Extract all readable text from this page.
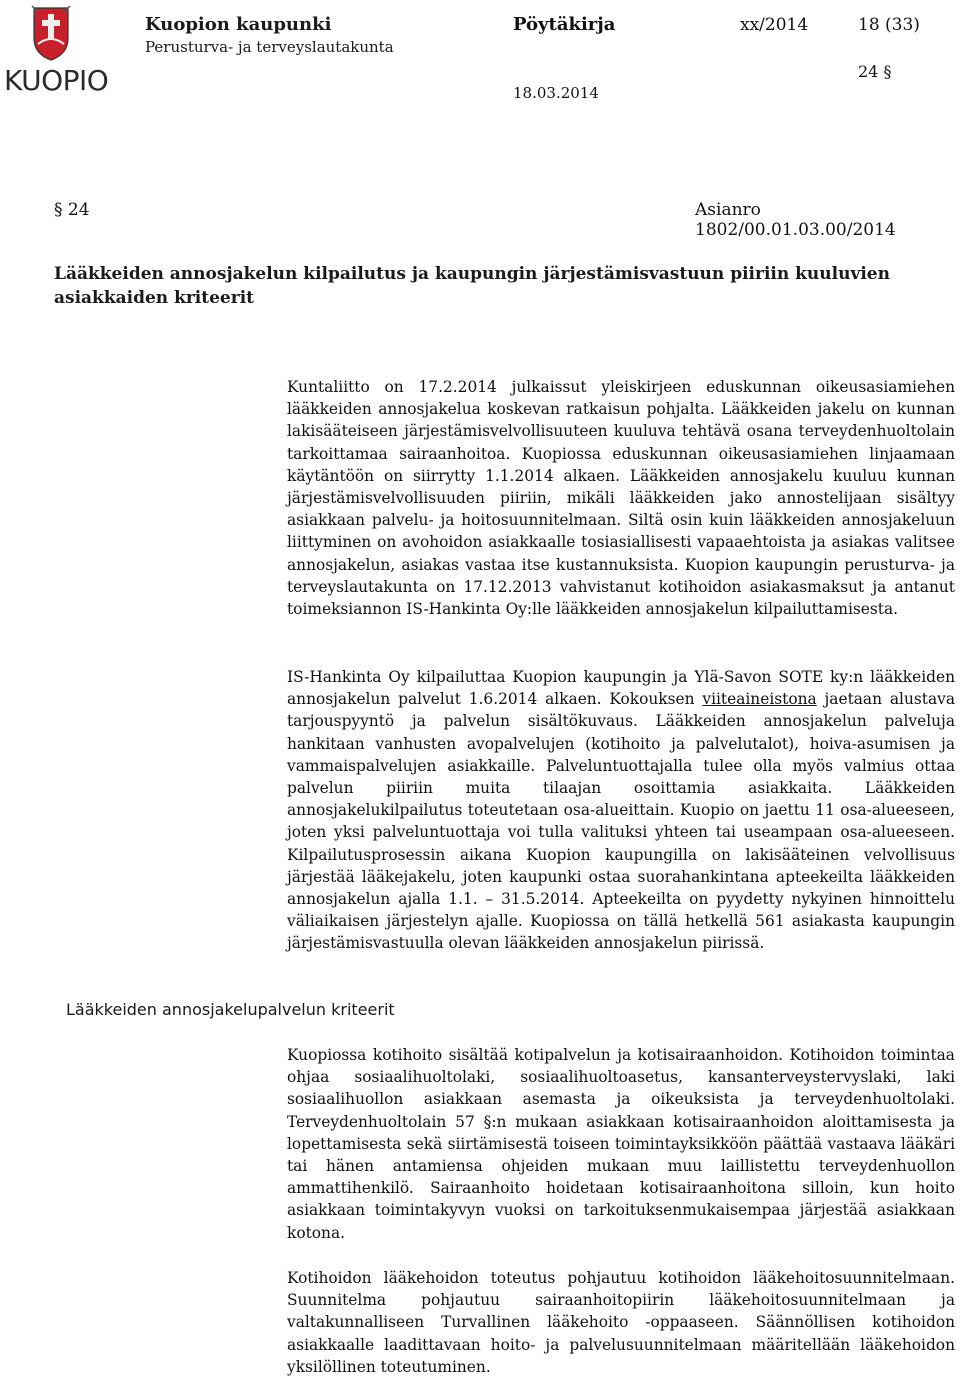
KUOPIO
Kuopion kaupunki
Perusturva- ja terveyslautakunta
Pöytäkirja	xx/2014	18 (33)
24 §
18.03.2014
§ 24	Asianro 1802/00.01.03.00/2014
Lääkkeiden annosjakelun kilpailutus ja kaupungin järjestämisvastuun piiriin kuuluvien asiakkaiden kriteerit

Kuntaliitto on 17.2.2014 julkaissut yleiskirjeen eduskunnan oikeusasiamiehen lääkkeiden annosjakelua koskevan ratkaisun pohjalta. Lääkkeiden jakelu on kunnan lakisääteiseen järjestämisvelvollisuuteen kuuluva tehtävä osana terveydenhuoltolain tarkoittamaa sairaanhoitoa. Kuopiossa eduskunnan oikeusasiamiehen linjaamaan käytäntöön on siirrytty 1.1.2014 alkaen. Lääkkeiden annosjakelu kuuluu kunnan järjestämisvelvollisuuden piiriin, mikäli lääkkeiden jako annostelijaan sisältyy asiakkaan palvelu- ja hoitosuunnitelmaan. Siltä osin kuin lääkkeiden annosjakeluun liittyminen on avohoidon asiakkaalle tosiasiallisesti vapaaehtoista ja asiakas valitsee annosjakelun, asiakas vastaa itse kustannuksista. Kuopion kaupungin perusturva- ja terveyslautakunta on 17.12.2013 vahvistanut kotihoidon asiakasmaksut ja antanut toimeksiannon IS-Hankinta Oy:lle lääkkeiden annosjakelun kilpailuttamisesta.

IS-Hankinta Oy kilpailuttaa Kuopion kaupungin ja Ylä-Savon SOTE ky:n lääkkeiden annosjakelun palvelut 1.6.2014 alkaen. Kokouksen viiteaineistona jaetaan alustava tarjouspyyntö ja palvelun sisältökuvaus. Lääkkeiden annosjakelun palveluja hankitaan vanhusten avopalvelujen (kotihoito ja palvelutalot), hoiva-asumisen ja vammaispalvelujen asiakkaille. Palveluntuottajalla tulee olla myös valmius ottaa palvelun piiriin muita tilaajan osoittamia asiakkaita. Lääkkeiden annosjakelukilpailutus toteutetaan osa-alueittain. Kuopio on jaettu 11 osa-alueeseen, joten yksi palveluntuottaja voi tulla valituksi yhteen tai useampaan osa-alueeseen. Kilpailutusprosessin aikana Kuopion kaupungilla on lakisääteinen velvollisuus järjestää lääkejakelu, joten kaupunki ostaa suorahankintana apteekeilta lääkkeiden annosjakelun ajalla 1.1. – 31.5.2014. Apteekeilta on pyydetty nykyinen hinnoittelu väliaikaisen järjestelyn ajalle. Kuopiossa on tällä hetkellä 561 asiakasta kaupungin järjestämisvastuulla olevan lääkkeiden annosjakelun piirissä.

Lääkkeiden annosjakelupalvelun kriteerit

Kuopiossa kotihoito sisältää kotipalvelun ja kotisairaanhoidon. Kotihoidon toimintaa ohjaa sosiaalihuoltolaki, sosiaalihuoltoasetus, kansanterveystervyslaki, laki sosiaalihuollon asiakkaan asemasta ja oikeuksista ja terveydenhuoltolaki. Terveydenhuoltolain 57 §:n mukaan asiakkaan kotisairaanhoidon aloittamisesta ja lopettamisesta sekä siirtämisestä toiseen toimintayksikköön päättää vastaava lääkäri tai hänen antamiensa ohjeiden mukaan muu laillistettu terveydenhuollon ammattihenkilö. Sairaanhoito hoidetaan kotisairaanhoitona silloin, kun hoito asiakkaan toimintakyvyn vuoksi on tarkoituksenmukaisempaa järjestää asiakkaan kotona.

Kotihoidon lääkehoidon toteutus pohjautuu kotihoidon lääkehoitosuunnitelmaan. Suunnitelma pohjautuu sairaanhoitopiirin lääkehoitosuunnitelmaan ja valtakunnalliseen Turvallinen lääkehoito -oppaaseen. Säännöllisen kotihoidon asiakkaalle laadittavaan hoito- ja palvelusuunnitelmaan määritellään lääkehoidon yksilöllinen toteutuminen.
